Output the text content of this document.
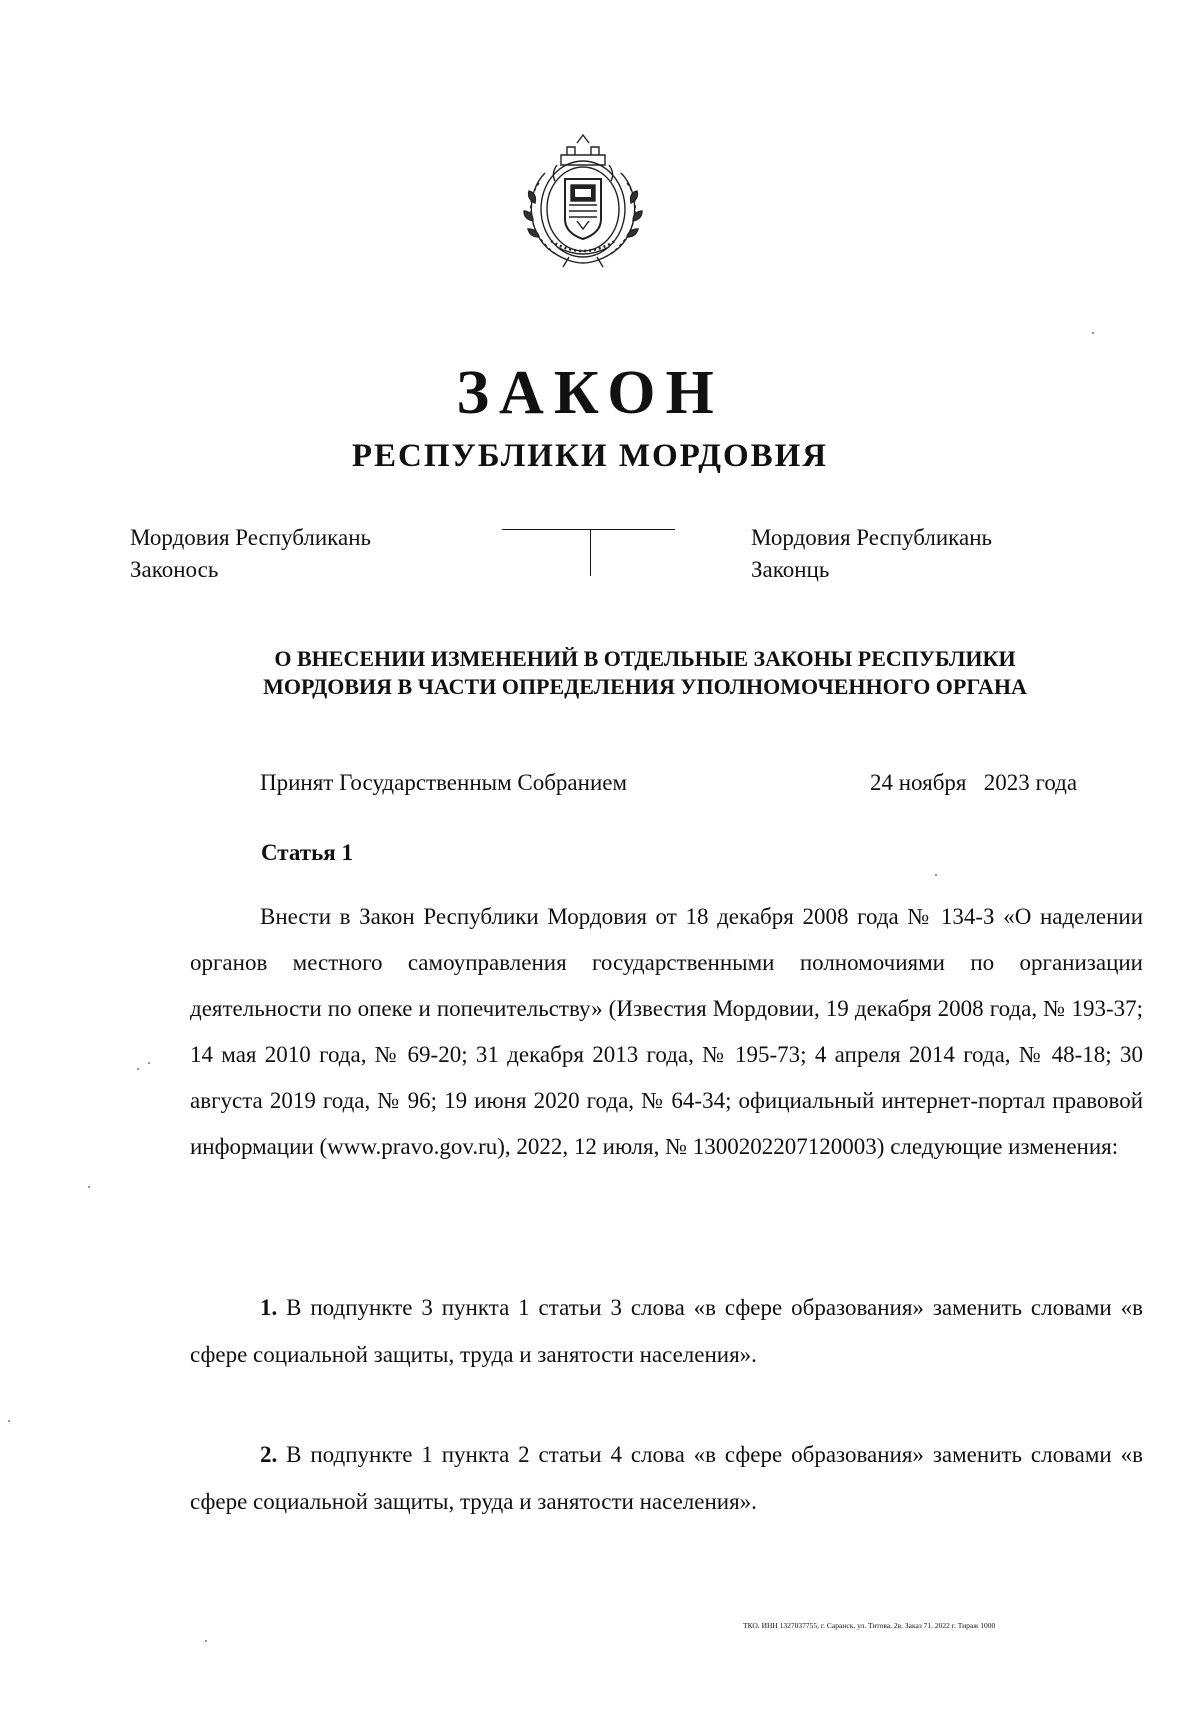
ЗАКОН
РЕСПУБЛИКИ МОРДОВИЯ
Мордовия Республикань
Законось
Мордовия Республикань
Законць
О ВНЕСЕНИИ ИЗМЕНЕНИЙ В ОТДЕЛЬНЫЕ ЗАКОНЫ РЕСПУБЛИКИ
МОРДОВИЯ В ЧАСТИ ОПРЕДЕЛЕНИЯ УПОЛНОМОЧЕННОГО ОРГАНА
Принят Государственным Собранием	24 ноября   2023 года
Статья 1
Внести в Закон Республики Мордовия от 18 декабря 2008 года № 134-З «О наделении органов местного самоуправления государственными полномочиями по организации деятельности по опеке и попечительству» (Известия Мордовии, 19 декабря 2008 года, № 193-37; 14 мая 2010 года, № 69-20; 31 декабря 2013 года, № 195-73; 4 апреля 2014 года, № 48-18; 30 августа 2019 года, № 96; 19 июня 2020 года, № 64-34; официальный интернет-портал правовой информации (www.pravo.gov.ru), 2022, 12 июля, № 1300202207120003) следующие изменения:
1. В подпункте 3 пункта 1 статьи 3 слова «в сфере образования» заменить словами «в сфере социальной защиты, труда и занятости населения».
2. В подпункте 1 пункта 2 статьи 4 слова «в сфере образования» заменить словами «в сфере социальной защиты, труда и занятости населения».
ТКО. ИНН 1327037755, г. Саранск, ул. Титова, 2в. Заказ 71. 2022 г. Тираж 1000
